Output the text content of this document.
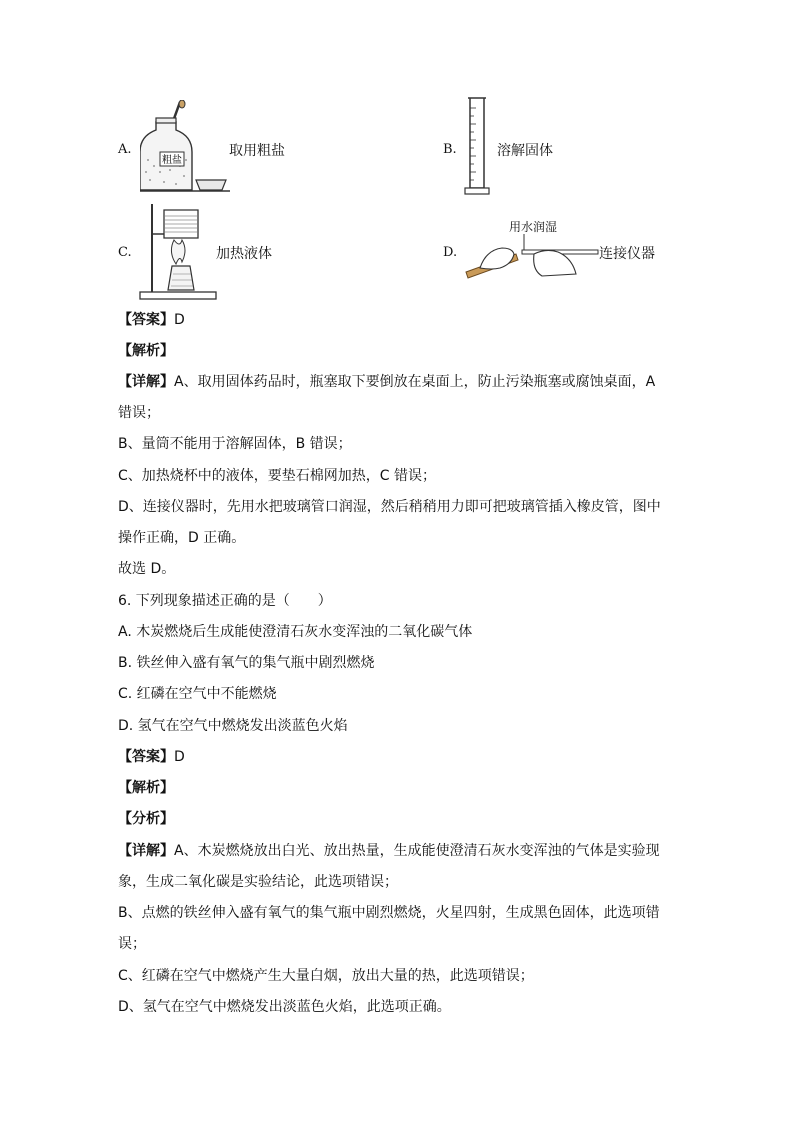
A.
粗盐
取用粗盐	B.	溶解固体
C.	加热液体	D.
用水润湿
连接仪器
【答案】D
【解析】
【详解】A、取用固体药品时，瓶塞取下要倒放在桌面上，防止污染瓶塞或腐蚀桌面，A
错误；
B、量筒不能用于溶解固体，B 错误；
C、加热烧杯中的液体，要垫石棉网加热，C 错误；
D、连接仪器时，先用水把玻璃管口润湿，然后稍稍用力即可把玻璃管插入橡皮管，图中
操作正确，D 正确。
故选 D。
6. 下列现象描述正确的是（　　）
A. 木炭燃烧后生成能使澄清石灰水变浑浊的二氧化碳气体
B. 铁丝伸入盛有氧气的集气瓶中剧烈燃烧
C. 红磷在空气中不能燃烧
D. 氢气在空气中燃烧发出淡蓝色火焰
【答案】D
【解析】
【分析】
【详解】A、木炭燃烧放出白光、放出热量，生成能使澄清石灰水变浑浊的气体是实验现
象，生成二氧化碳是实验结论，此选项错误；
B、点燃的铁丝伸入盛有氧气的集气瓶中剧烈燃烧，火星四射，生成黑色固体，此选项错
误；
C、红磷在空气中燃烧产生大量白烟，放出大量的热，此选项错误；
D、氢气在空气中燃烧发出淡蓝色火焰，此选项正确。
